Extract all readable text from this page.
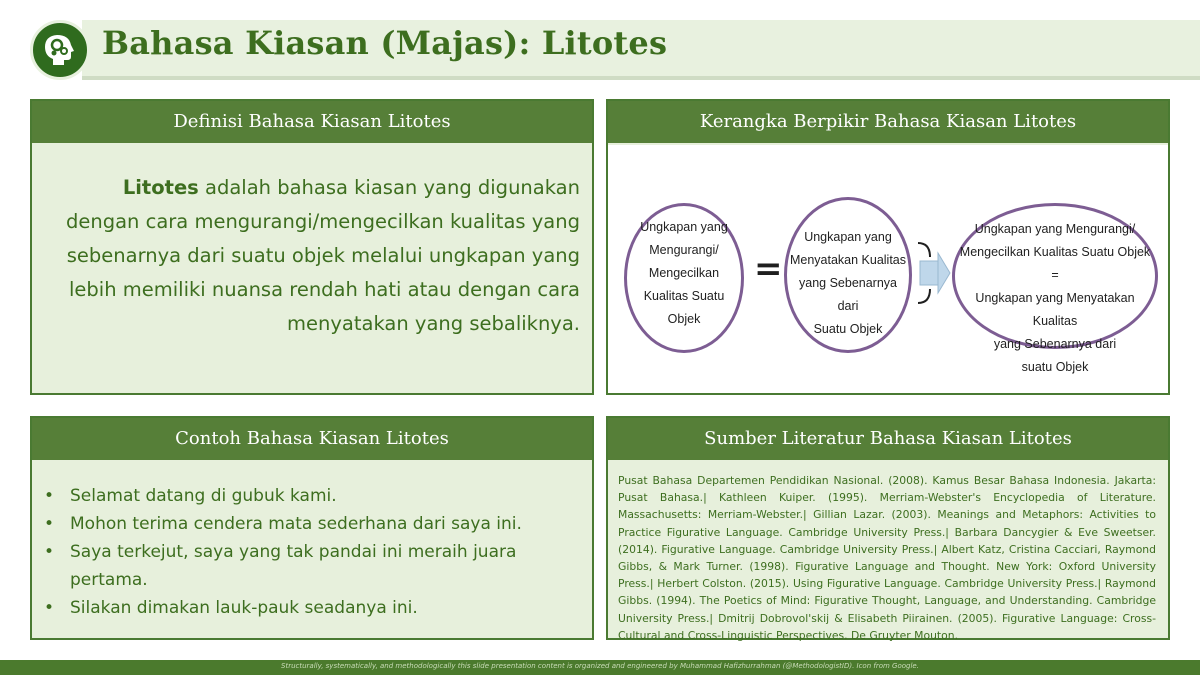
Bahasa Kiasan (Majas): Litotes
Definisi Bahasa Kiasan Litotes
Litotes adalah bahasa kiasan yang digunakan dengan cara mengurangi/mengecilkan kualitas yang sebenarnya dari suatu objek melalui ungkapan yang lebih memiliki nuansa rendah hati atau dengan cara menyatakan yang sebaliknya.
Kerangka Berpikir Bahasa Kiasan Litotes
Ungkapan yang
Mengurangi/
Mengecilkan
Kualitas Suatu
Objek
=
Ungkapan yang
Menyatakan Kualitas
yang Sebenarnya dari
Suatu Objek
Ungkapan yang Mengurangi/
Mengecilkan Kualitas Suatu Objek =
Ungkapan yang Menyatakan Kualitas
yang Sebenarnya dari
suatu Objek
Contoh Bahasa Kiasan Litotes
• Selamat datang di gubuk kami.
• Mohon terima cendera mata sederhana dari saya ini.
• Saya terkejut, saya yang tak pandai ini meraih juara pertama.
• Silakan dimakan lauk-pauk seadanya ini.
Sumber Literatur Bahasa Kiasan Litotes
Pusat Bahasa Departemen Pendidikan Nasional. (2008). Kamus Besar Bahasa Indonesia. Jakarta: Pusat Bahasa.| Kathleen Kuiper. (1995). Merriam-Webster's Encyclopedia of Literature. Massachusetts: Merriam-Webster.| Gillian Lazar. (2003). Meanings and Metaphors: Activities to Practice Figurative Language. Cambridge University Press.| Barbara Dancygier & Eve Sweetser. (2014). Figurative Language. Cambridge University Press.| Albert Katz, Cristina Cacciari, Raymond Gibbs, & Mark Turner. (1998). Figurative Language and Thought. New York: Oxford University Press.| Herbert Colston. (2015). Using Figurative Language. Cambridge University Press.| Raymond Gibbs. (1994). The Poetics of Mind: Figurative Thought, Language, and Understanding. Cambridge University Press.| Dmitrij Dobrovol'skij & Elisabeth Piirainen. (2005). Figurative Language: Cross-Cultural and Cross-Linguistic Perspectives. De Gruyter Mouton.
Structurally, systematically, and methodologically this slide presentation content is organized and engineered by Muhammad Hafizhurrahman (@MethodologistID). Icon from Google.
